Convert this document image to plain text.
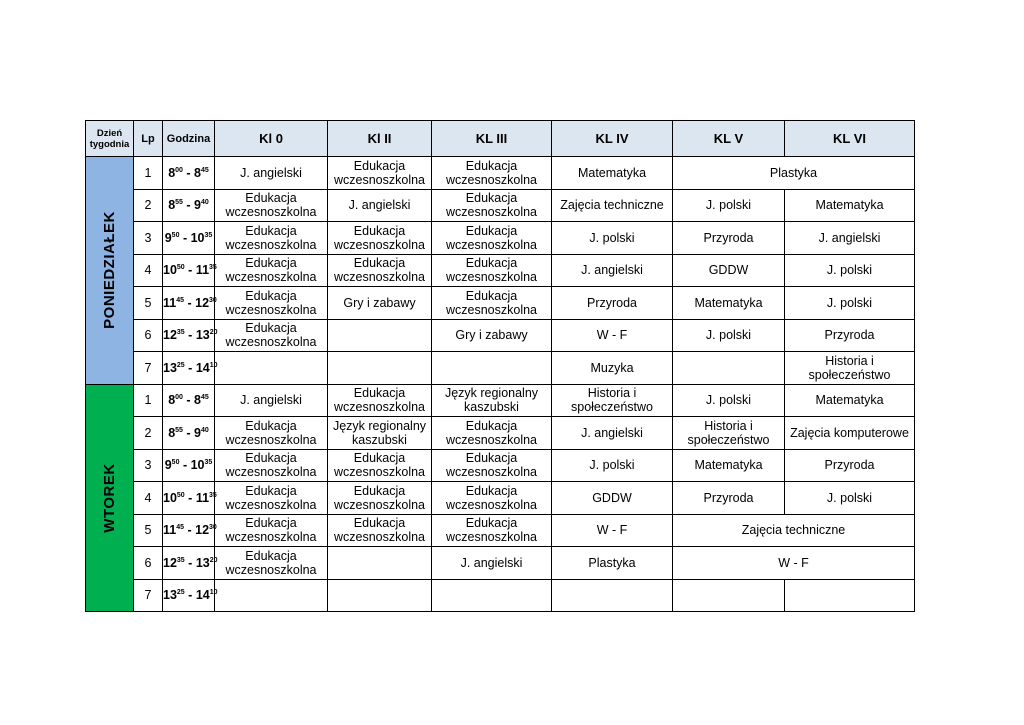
Dzień tygodnia	Lp	Godzina	Kl 0	Kl II	KL III	KL IV	KL V	KL VI

PONIEDZIAŁEK	1	$8^{00} - 8^{45}$	J. angielski	Edukacja wczesnoszkolna	Edukacja wczesnoszkolna	Matematyka	Plastyka	
	2	$8^{55} - 9^{40}$	Edukacja wczesnoszkolna	J. angielski	Edukacja wczesnoszkolna	Zajęcia techniczne	J. polski	Matematyka
	3	$9^{50} - 10^{35}$	Edukacja wczesnoszkolna	Edukacja wczesnoszkolna	Edukacja wczesnoszkolna	J. polski	Przyroda	J. angielski
	4	$10^{50} - 11^{35}$	Edukacja wczesnoszkolna	Edukacja wczesnoszkolna	Edukacja wczesnoszkolna	J. angielski	GDDW	J. polski
	5	$11^{45} - 12^{30}$	Edukacja wczesnoszkolna	Gry i zabawy	Edukacja wczesnoszkolna	Przyroda	Matematyka	J. polski
	6	$12^{35} - 13^{20}$	Edukacja wczesnoszkolna		Gry i zabawy	W - F	J. polski	Przyroda
	7	$13^{25} - 14^{10}$				Muzyka		Historia i społeczeństwo

WTOREK	1	$8^{00} - 8^{45}$	J. angielski	Edukacja wczesnoszkolna	Język regionalny kaszubski	Historia i społeczeństwo	J. polski	Matematyka
	2	$8^{55} - 9^{40}$	Edukacja wczesnoszkolna	Język regionalny kaszubski	Edukacja wczesnoszkolna	J. angielski	Historia i społeczeństwo	Zajęcia komputerowe
	3	$9^{50} - 10^{35}$	Edukacja wczesnoszkolna	Edukacja wczesnoszkolna	Edukacja wczesnoszkolna	J. polski	Matematyka	Przyroda
	4	$10^{50} - 11^{35}$	Edukacja wczesnoszkolna	Edukacja wczesnoszkolna	Edukacja wczesnoszkolna	GDDW	Przyroda	J. polski
	5	$11^{45} - 12^{30}$	Edukacja wczesnoszkolna	Edukacja wczesnoszkolna	Edukacja wczesnoszkolna	W - F	Zajęcia techniczne	
	6	$12^{35} - 13^{20}$	Edukacja wczesnoszkolna		J. angielski	Plastyka	W - F	
	7	$13^{25} - 14^{10}$						
